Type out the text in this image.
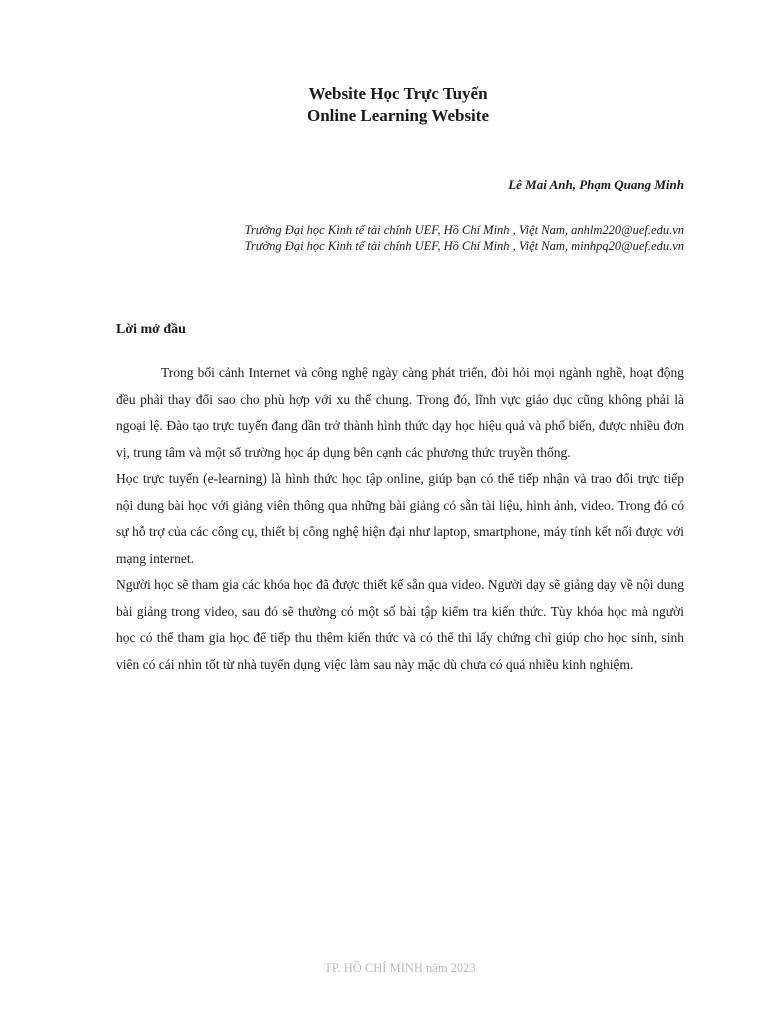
Website Học Trực Tuyến

Online Learning Website

Lê Mai Anh, Phạm Quang Minh

Trường Đại học Kinh tế tài chính UEF, Hồ Chí Minh , Việt Nam, anhlm220@uef.edu.vn
Trường Đại học Kinh tế tài chính UEF, Hồ Chí Minh , Việt Nam, minhpq20@uef.edu.vn

Lời mở đầu

Trong bối cảnh Internet và công nghệ ngày càng phát triển, đòi hỏi mọi ngành nghề, hoạt động đều phải thay đổi sao cho phù hợp với xu thế chung. Trong đó, lĩnh vực giáo dục cũng không phải là ngoại lệ. Đào tạo trực tuyến đang dần trở thành hình thức dạy học hiệu quả và phổ biến, được nhiều đơn vị, trung tâm và một số trường học áp dụng bên cạnh các phương thức truyền thống.

Học trực tuyến (e-learning) là hình thức học tập online, giúp bạn có thể tiếp nhận và trao đổi trực tiếp nội dung bài học với giảng viên thông qua những bài giảng có sẵn tài liệu, hình ảnh, video. Trong đó có sự hỗ trợ của các công cụ, thiết bị công nghệ hiện đại như laptop, smartphone, máy tính kết nối được với mạng internet.

Người học sẽ tham gia các khóa học đã được thiết kế sẵn qua video. Người dạy sẽ giảng dạy về nội dung bài giảng trong video, sau đó sẽ thường có một số bài tập kiểm tra kiến thức. Tùy khóa học mà người học có thể tham gia học để tiếp thu thêm kiến thức và có thể thi lấy chứng chỉ giúp cho học sinh, sinh viên có cái nhìn tốt từ nhà tuyển dụng việc làm sau này mặc dù chưa có quá nhiều kinh nghiệm.

TP. HỒ CHÍ MINH năm 2023
